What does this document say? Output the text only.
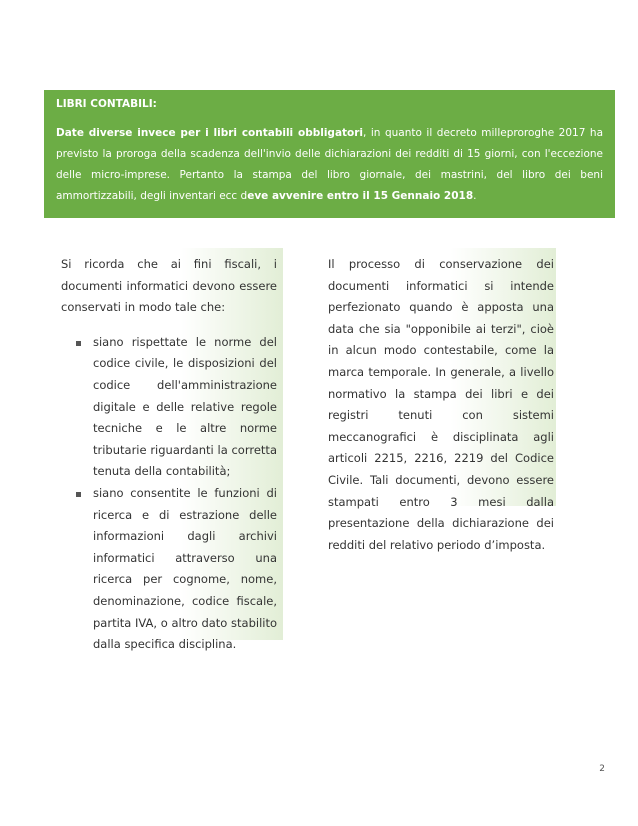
LIBRI CONTABILI:

Date diverse invece per i libri contabili obbligatori, in quanto il decreto milleproroghe 2017 ha previsto la proroga della scadenza dell'invio delle dichiarazioni dei redditi di 15 giorni, con l'eccezione delle micro-imprese. Pertanto la stampa del libro giornale, dei mastrini, del libro dei beni ammortizzabili, degli inventari ecc deve avvenire entro il 15 Gennaio 2018.

Si ricorda che ai fini fiscali, i documenti informatici devono essere conservati in modo tale che:

siano rispettate le norme del codice civile, le disposizioni del codice dell'amministrazione digitale e delle relative regole tecniche e le altre norme tributarie riguardanti la corretta tenuta della contabilità;
siano consentite le funzioni di ricerca e di estrazione delle informazioni dagli archivi informatici attraverso una ricerca per cognome, nome, denominazione, codice fiscale, partita IVA, o altro dato stabilito dalla specifica disciplina.

Il processo di conservazione dei documenti informatici si intende perfezionato quando è apposta una data che sia "opponibile ai terzi", cioè in alcun modo contestabile, come la marca temporale. In generale, a livello normativo la stampa dei libri e dei registri tenuti con sistemi meccanografici è disciplinata agli articoli 2215, 2216, 2219 del Codice Civile. Tali documenti, devono essere stampati entro 3 mesi dalla presentazione della dichiarazione dei redditi del relativo periodo d’imposta.

2
